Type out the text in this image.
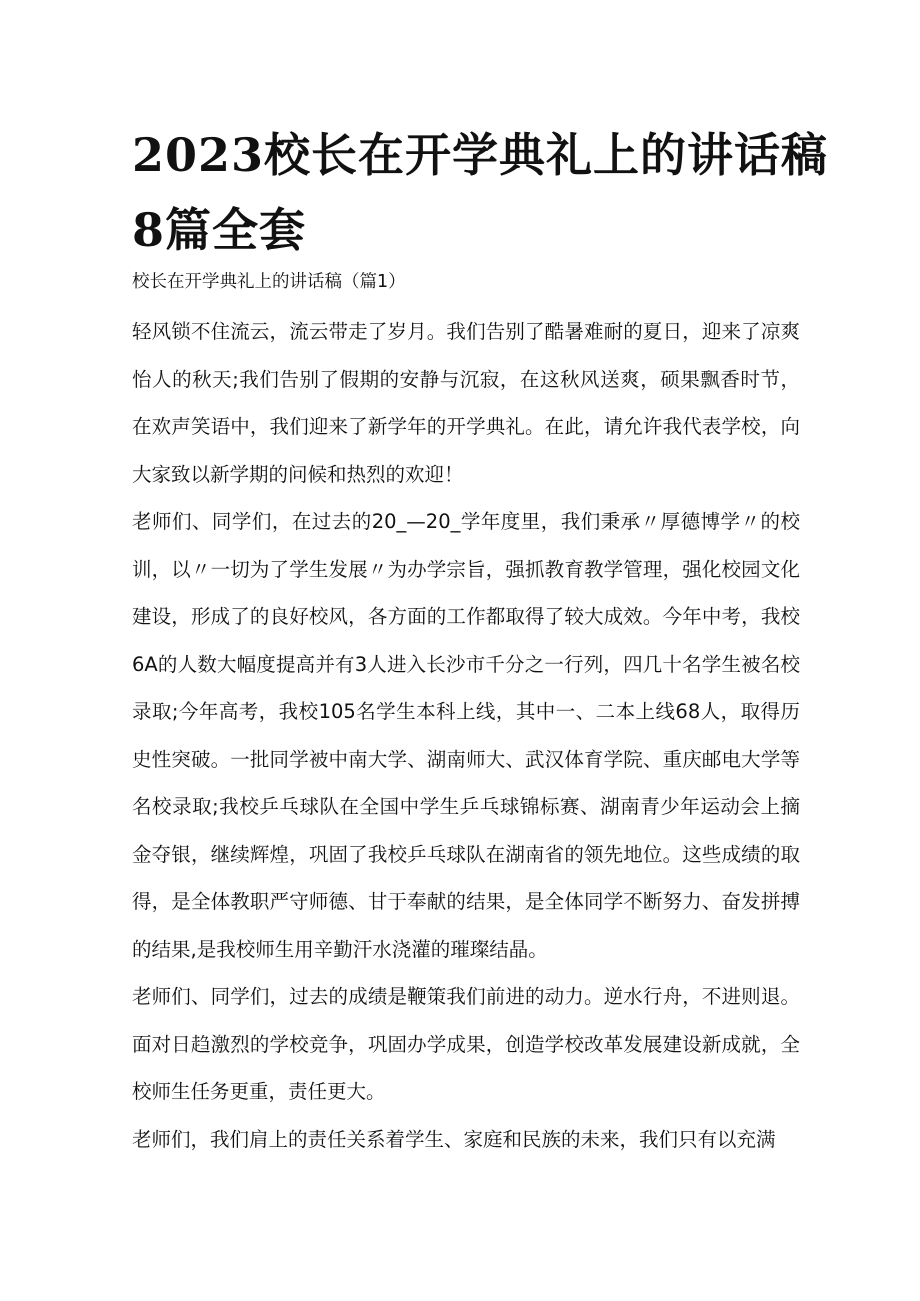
2023校长在开学典礼上的讲话稿
8篇全套

校长在开学典礼上的讲话稿（篇1）

轻风锁不住流云，流云带走了岁月。我们告别了酷暑难耐的夏日，迎来了凉爽怡人的秋天;我们告别了假期的安静与沉寂，在这秋风送爽，硕果飘香时节，在欢声笑语中，我们迎来了新学年的开学典礼。在此，请允许我代表学校，向大家致以新学期的问候和热烈的欢迎！

老师们、同学们，在过去的20_—20_学年度里，我们秉承〃厚德博学〃的校训，以〃一切为了学生发展〃为办学宗旨，强抓教育教学管理，强化校园文化建设，形成了的良好校风，各方面的工作都取得了较大成效。今年中考，我校6A的人数大幅度提高并有3人进入长沙市千分之一行列，四几十名学生被名校录取;今年高考，我校105名学生本科上线，其中一、二本上线68人，取得历史性突破。一批同学被中南大学、湖南师大、武汉体育学院、重庆邮电大学等名校录取;我校乒乓球队在全国中学生乒乓球锦标赛、湖南青少年运动会上摘金夺银，继续辉煌，巩固了我校乒乓球队在湖南省的领先地位。这些成绩的取得，是全体教职严守师德、甘于奉献的结果，是全体同学不断努力、奋发拼搏的结果,是我校师生用辛勤汗水浇灌的璀璨结晶。

老师们、同学们，过去的成绩是鞭策我们前进的动力。逆水行舟，不进则退。面对日趋激烈的学校竞争，巩固办学成果，创造学校改革发展建设新成就，全校师生任务更重，责任更大。

老师们，我们肩上的责任关系着学生、家庭和民族的未来，我们只有以充满
